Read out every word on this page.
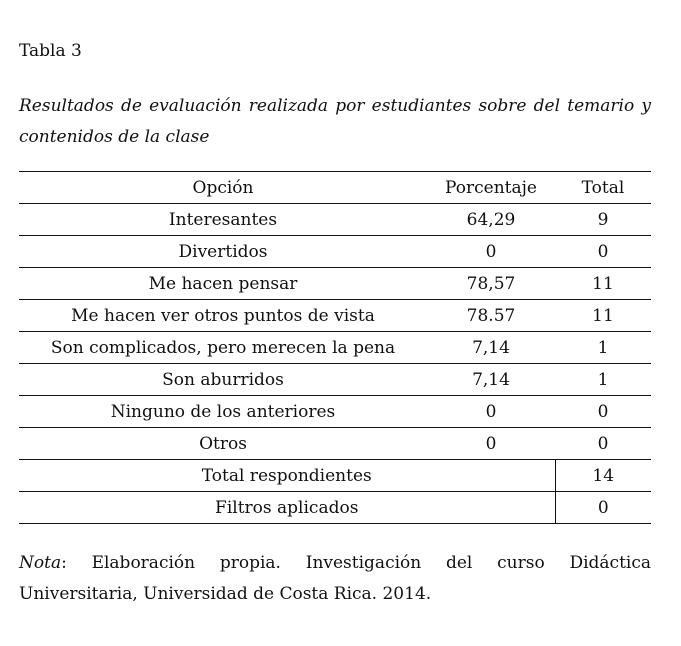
Tabla 3
Resultados de evaluación realizada por estudiantes sobre del temario y contenidos de la clase
Opción	Porcentaje	Total
Interesantes	64,29	9
Divertidos	0	0
Me hacen pensar	78,57	11
Me hacen ver otros puntos de vista	78.57	11
Son complicados, pero merecen la pena	7,14	1
Son aburridos	7,14	1
Ninguno de los anteriores	0	0
Otros	0	0
Total respondientes		14
Filtros aplicados		0
Nota: Elaboración propia. Investigación del curso Didáctica Universitaria, Universidad de Costa Rica. 2014.
